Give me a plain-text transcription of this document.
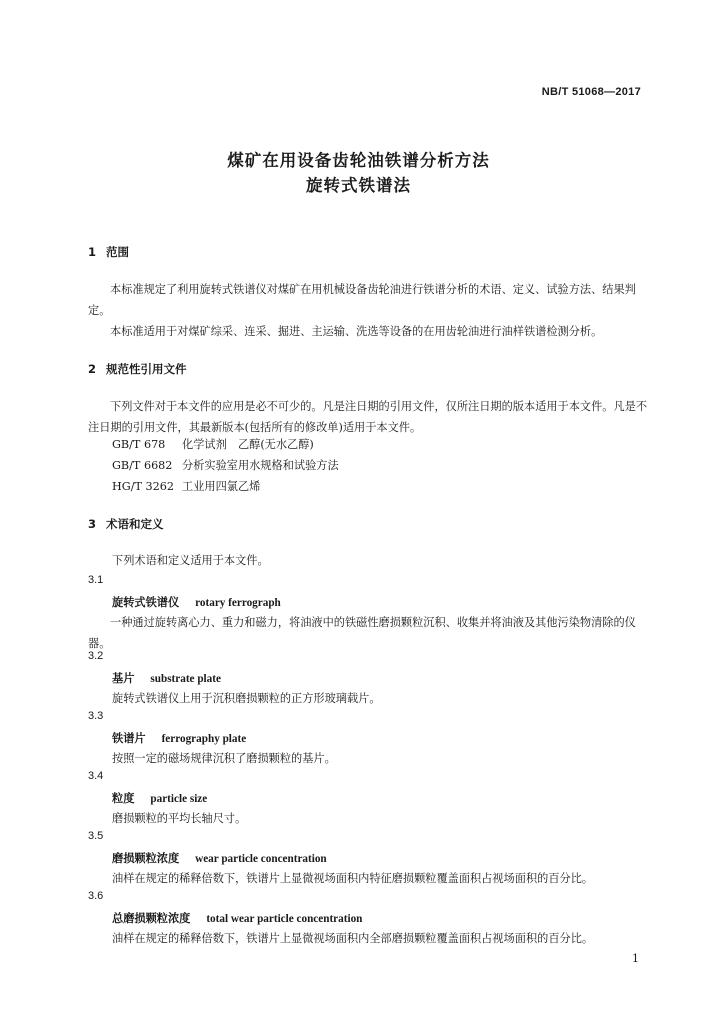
NB/T 51068—2017
煤矿在用设备齿轮油铁谱分析方法
旋转式铁谱法
1 范围
本标准规定了利用旋转式铁谱仪对煤矿在用机械设备齿轮油进行铁谱分析的术语、定义、试验方法、结果判定。
本标准适用于对煤矿综采、连采、掘进、主运输、洗选等设备的在用齿轮油进行油样铁谱检测分析。
2 规范性引用文件
下列文件对于本文件的应用是必不可少的。凡是注日期的引用文件，仅所注日期的版本适用于本文件。凡是不注日期的引用文件，其最新版本(包括所有的修改单)适用于本文件。
GB/T 678 化学试剂　乙醇(无水乙醇)
GB/T 6682 分析实验室用水规格和试验方法
HG/T 3262 工业用四氯乙烯
3 术语和定义
下列术语和定义适用于本文件。
3.1
旋转式铁谱仪 rotary ferrograph
一种通过旋转离心力、重力和磁力，将油液中的铁磁性磨损颗粒沉积、收集并将油液及其他污染物清除的仪器。
3.2
基片 substrate plate
旋转式铁谱仪上用于沉积磨损颗粒的正方形玻璃载片。
3.3
铁谱片 ferrography plate
按照一定的磁场规律沉积了磨损颗粒的基片。
3.4
粒度 particle size
磨损颗粒的平均长轴尺寸。
3.5
磨损颗粒浓度 wear particle concentration
油样在规定的稀释倍数下，铁谱片上显微视场面积内特征磨损颗粒覆盖面积占视场面积的百分比。
3.6
总磨损颗粒浓度 total wear particle concentration
油样在规定的稀释倍数下，铁谱片上显微视场面积内全部磨损颗粒覆盖面积占视场面积的百分比。
1
